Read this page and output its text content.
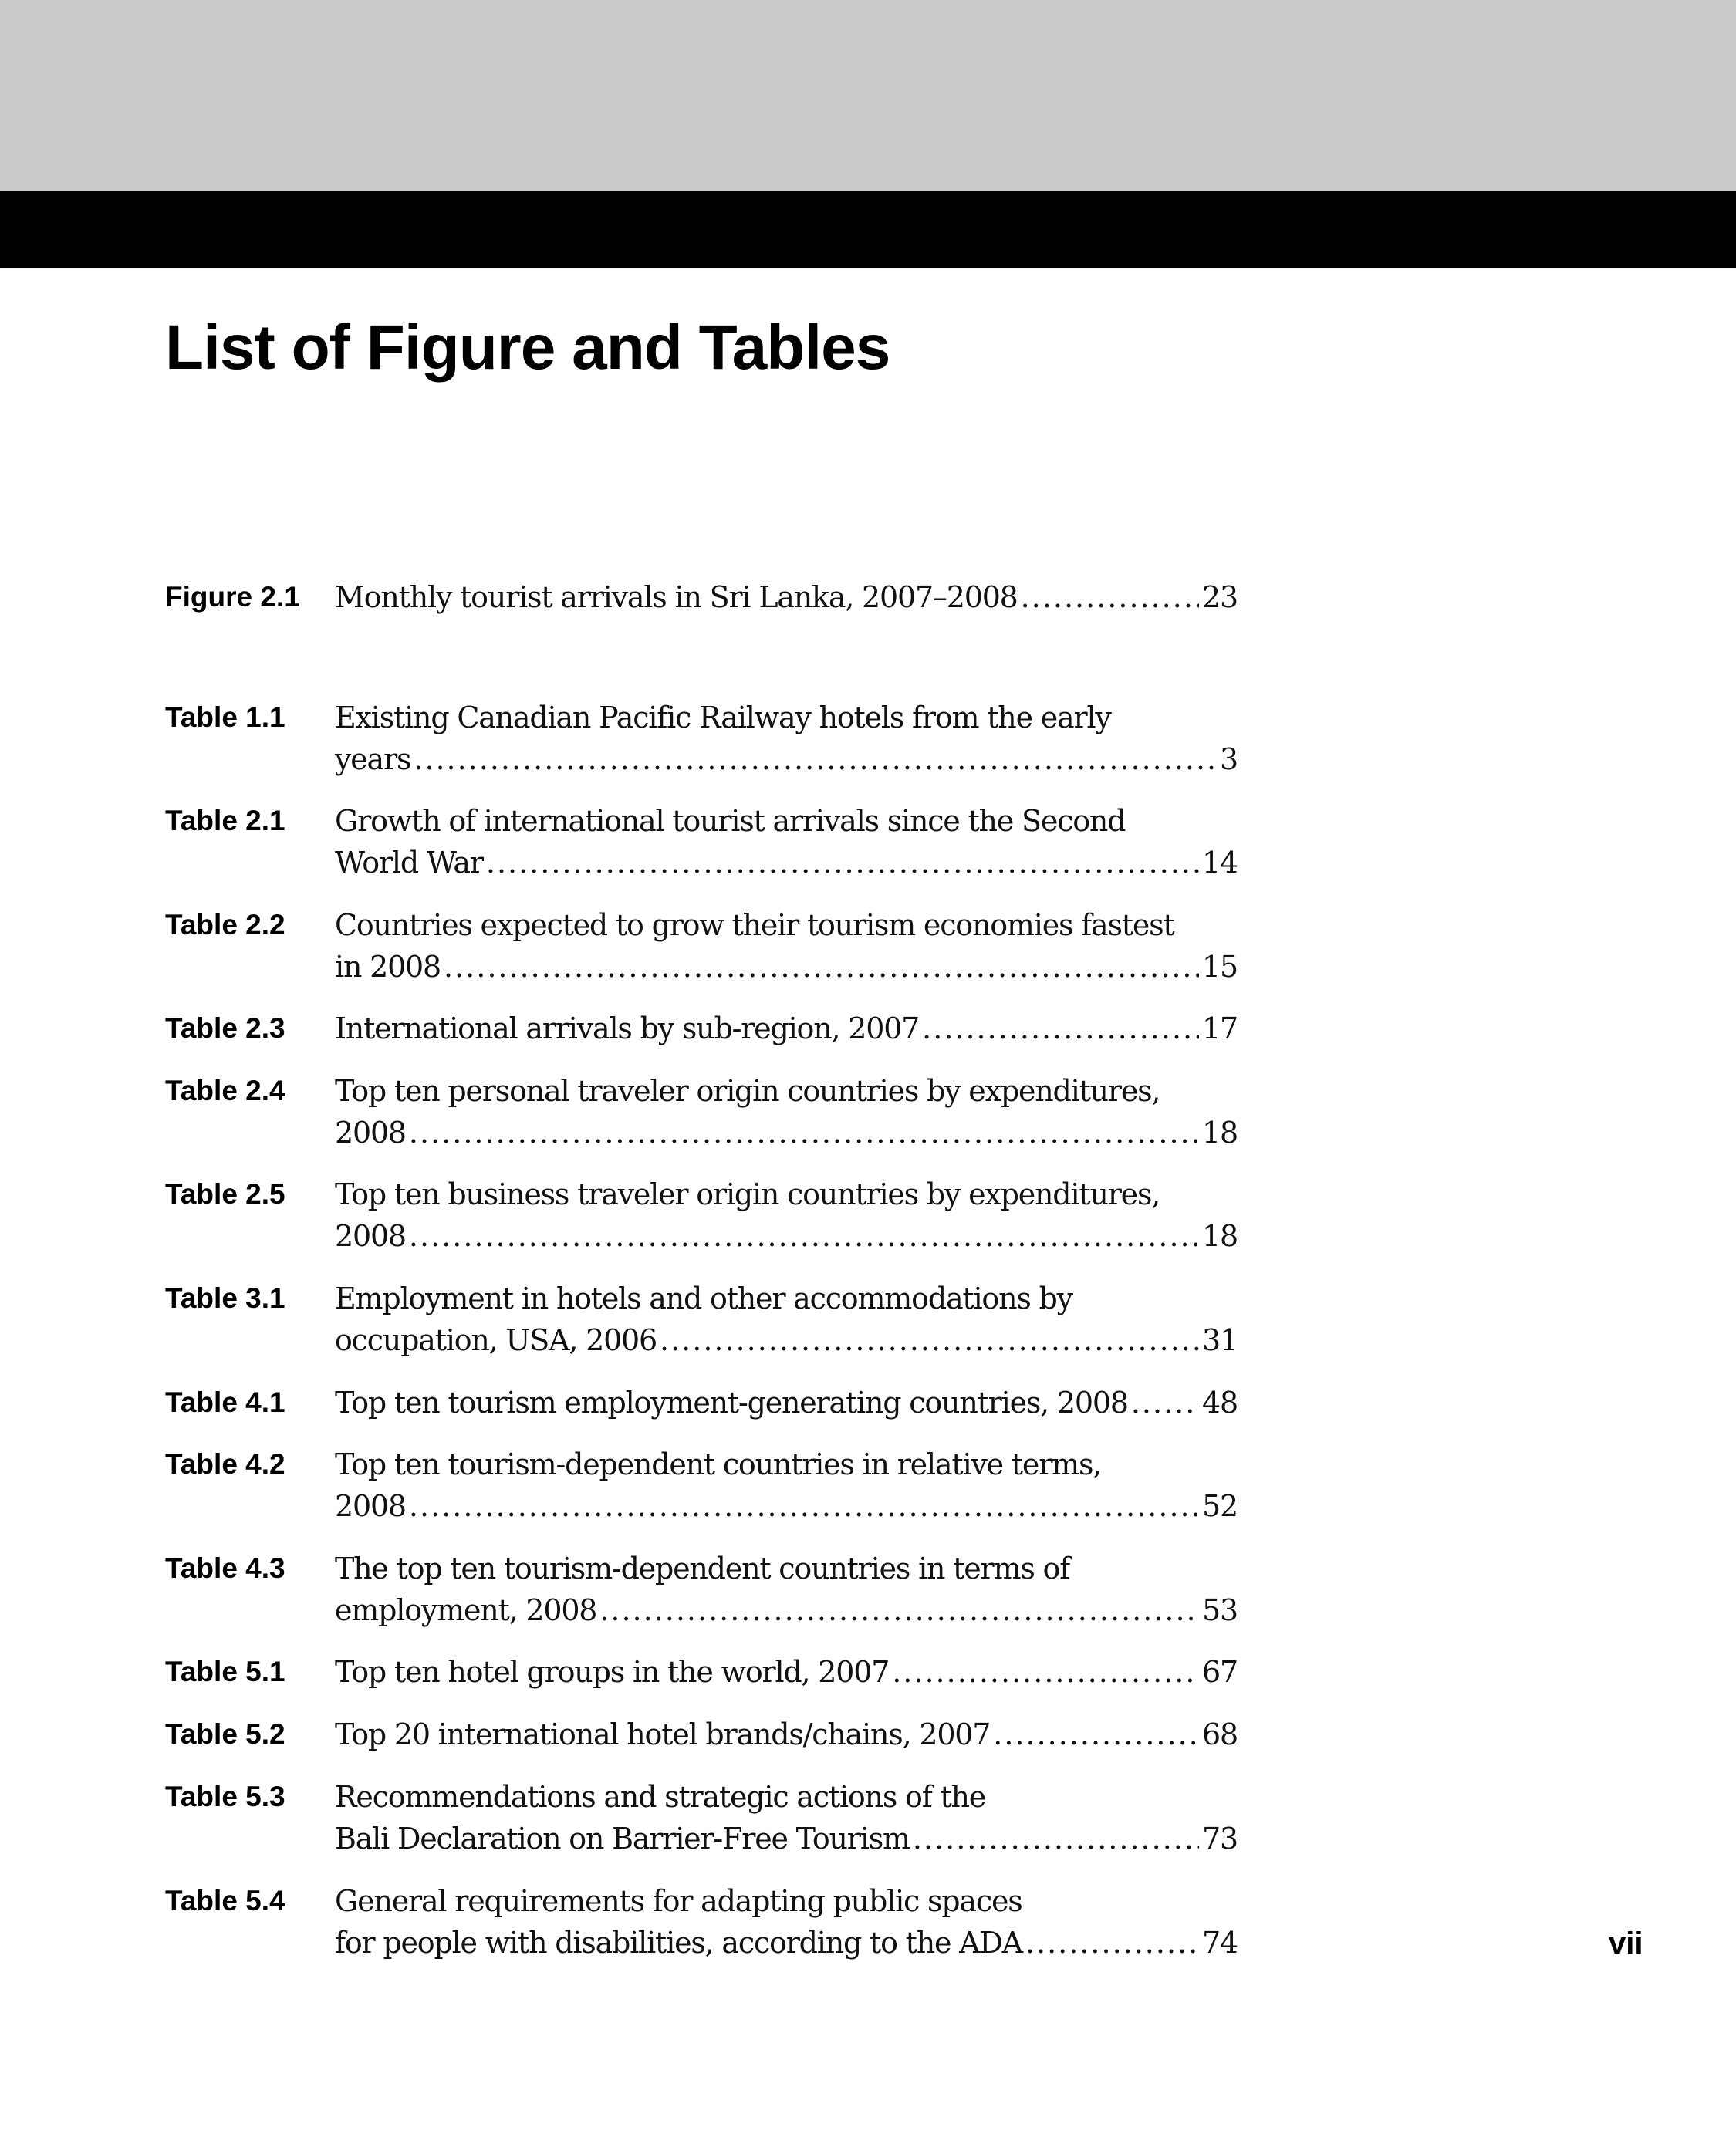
List of Figure and Tables
Figure 2.1	Monthly tourist arrivals in Sri Lanka, 2007–2008 .....	23
Table 1.1	Existing Canadian Pacific Railway hotels from the early
years .....	3
Table 2.1	Growth of international tourist arrivals since the Second
World War .....	14
Table 2.2	Countries expected to grow their tourism economies fastest
in 2008 .....	15
Table 2.3	International arrivals by sub-region, 2007 .....	17
Table 2.4	Top ten personal traveler origin countries by expenditures,
2008 .....	18
Table 2.5	Top ten business traveler origin countries by expenditures,
2008 .....	18
Table 3.1	Employment in hotels and other accommodations by
occupation, USA, 2006 .....	31
Table 4.1	Top ten tourism employment-generating countries, 2008 .....	48
Table 4.2	Top ten tourism-dependent countries in relative terms,
2008 .....	52
Table 4.3	The top ten tourism-dependent countries in terms of
employment, 2008 .....	53
Table 5.1	Top ten hotel groups in the world, 2007 .....	67
Table 5.2	Top 20 international hotel brands/chains, 2007 .....	68
Table 5.3	Recommendations and strategic actions of the
Bali Declaration on Barrier-Free Tourism .....	73
Table 5.4	General requirements for adapting public spaces
for people with disabilities, according to the ADA .....	74	vii
